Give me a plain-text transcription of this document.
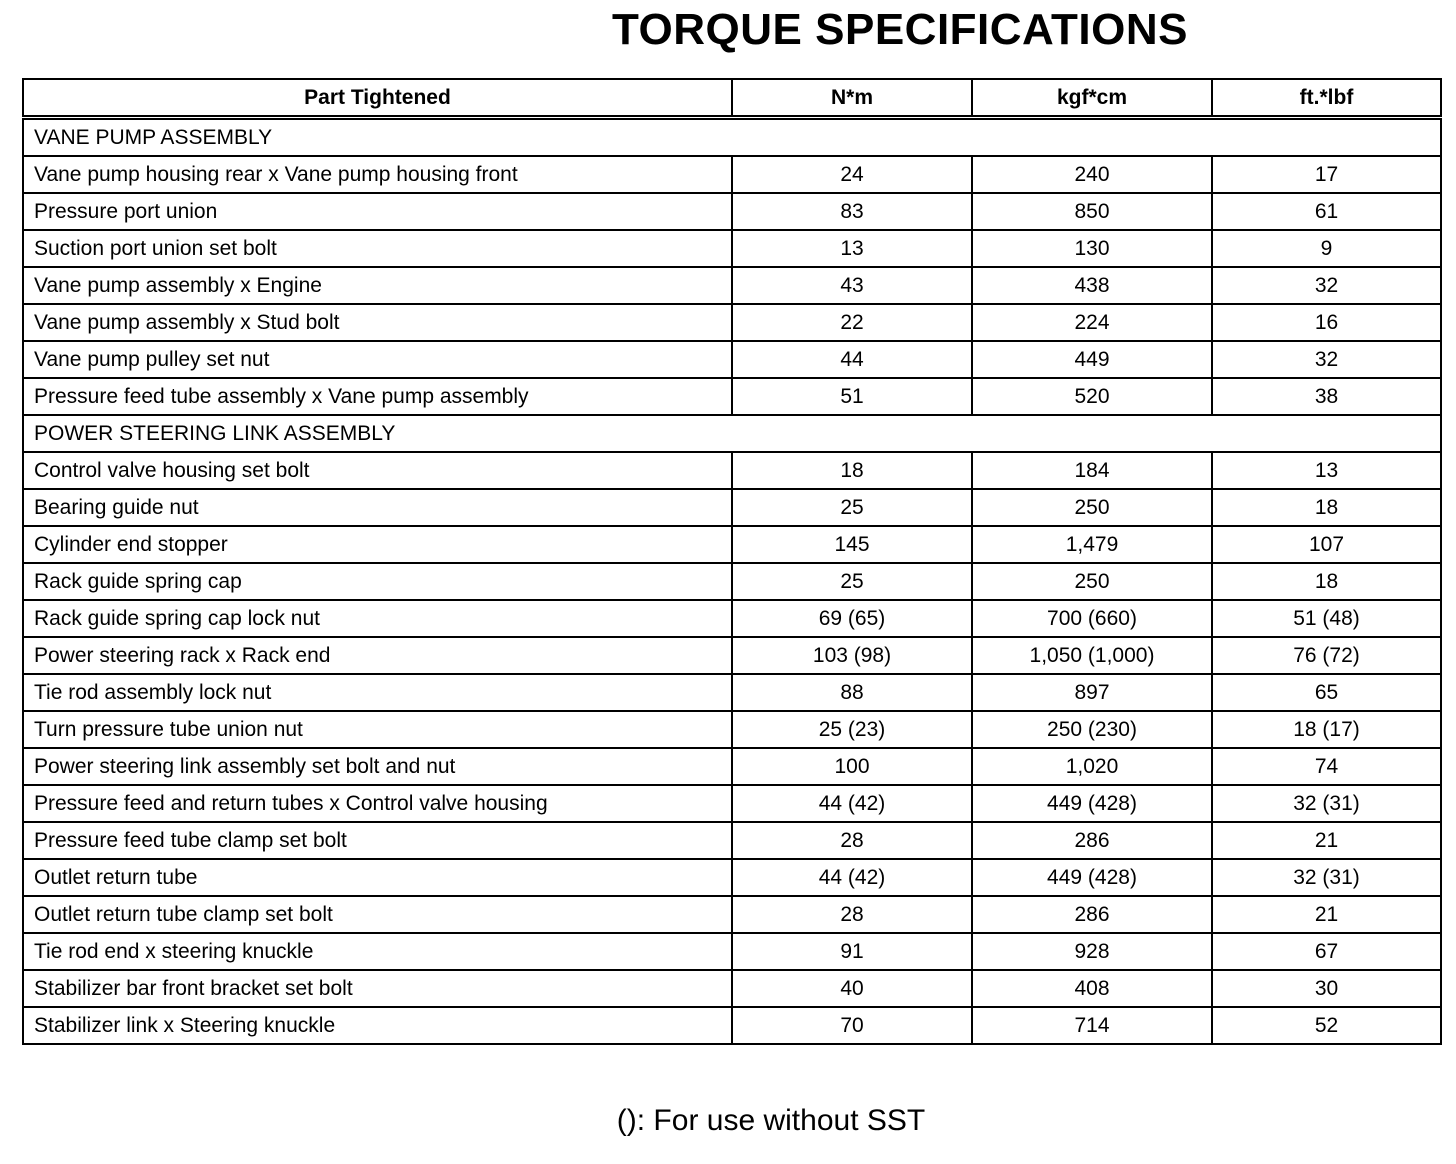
TORQUE SPECIFICATIONS
Part Tightened	N*m	kgf*cm	ft.*lbf
VANE PUMP ASSEMBLY			
Vane pump housing rear x Vane pump housing front	24	240	17
Pressure port union	83	850	61
Suction port union set bolt	13	130	9
Vane pump assembly x Engine	43	438	32
Vane pump assembly x Stud bolt	22	224	16
Vane pump pulley set nut	44	449	32
Pressure feed tube assembly x Vane pump assembly	51	520	38
POWER STEERING LINK ASSEMBLY			
Control valve housing set bolt	18	184	13
Bearing guide nut	25	250	18
Cylinder end stopper	145	1,479	107
Rack guide spring cap	25	250	18
Rack guide spring cap lock nut	69 (65)	700 (660)	51 (48)
Power steering rack x Rack end	103 (98)	1,050 (1,000)	76 (72)
Tie rod assembly lock nut	88	897	65
Turn pressure tube union nut	25 (23)	250 (230)	18 (17)
Power steering link assembly set bolt and nut	100	1,020	74
Pressure feed and return tubes x Control valve housing	44 (42)	449 (428)	32 (31)
Pressure feed tube clamp set bolt	28	286	21
Outlet return tube	44 (42)	449 (428)	32 (31)
Outlet return tube clamp set bolt	28	286	21
Tie rod end x steering knuckle	91	928	67
Stabilizer bar front bracket set bolt	40	408	30
Stabilizer link x Steering knuckle	70	714	52
(): For use without SST
